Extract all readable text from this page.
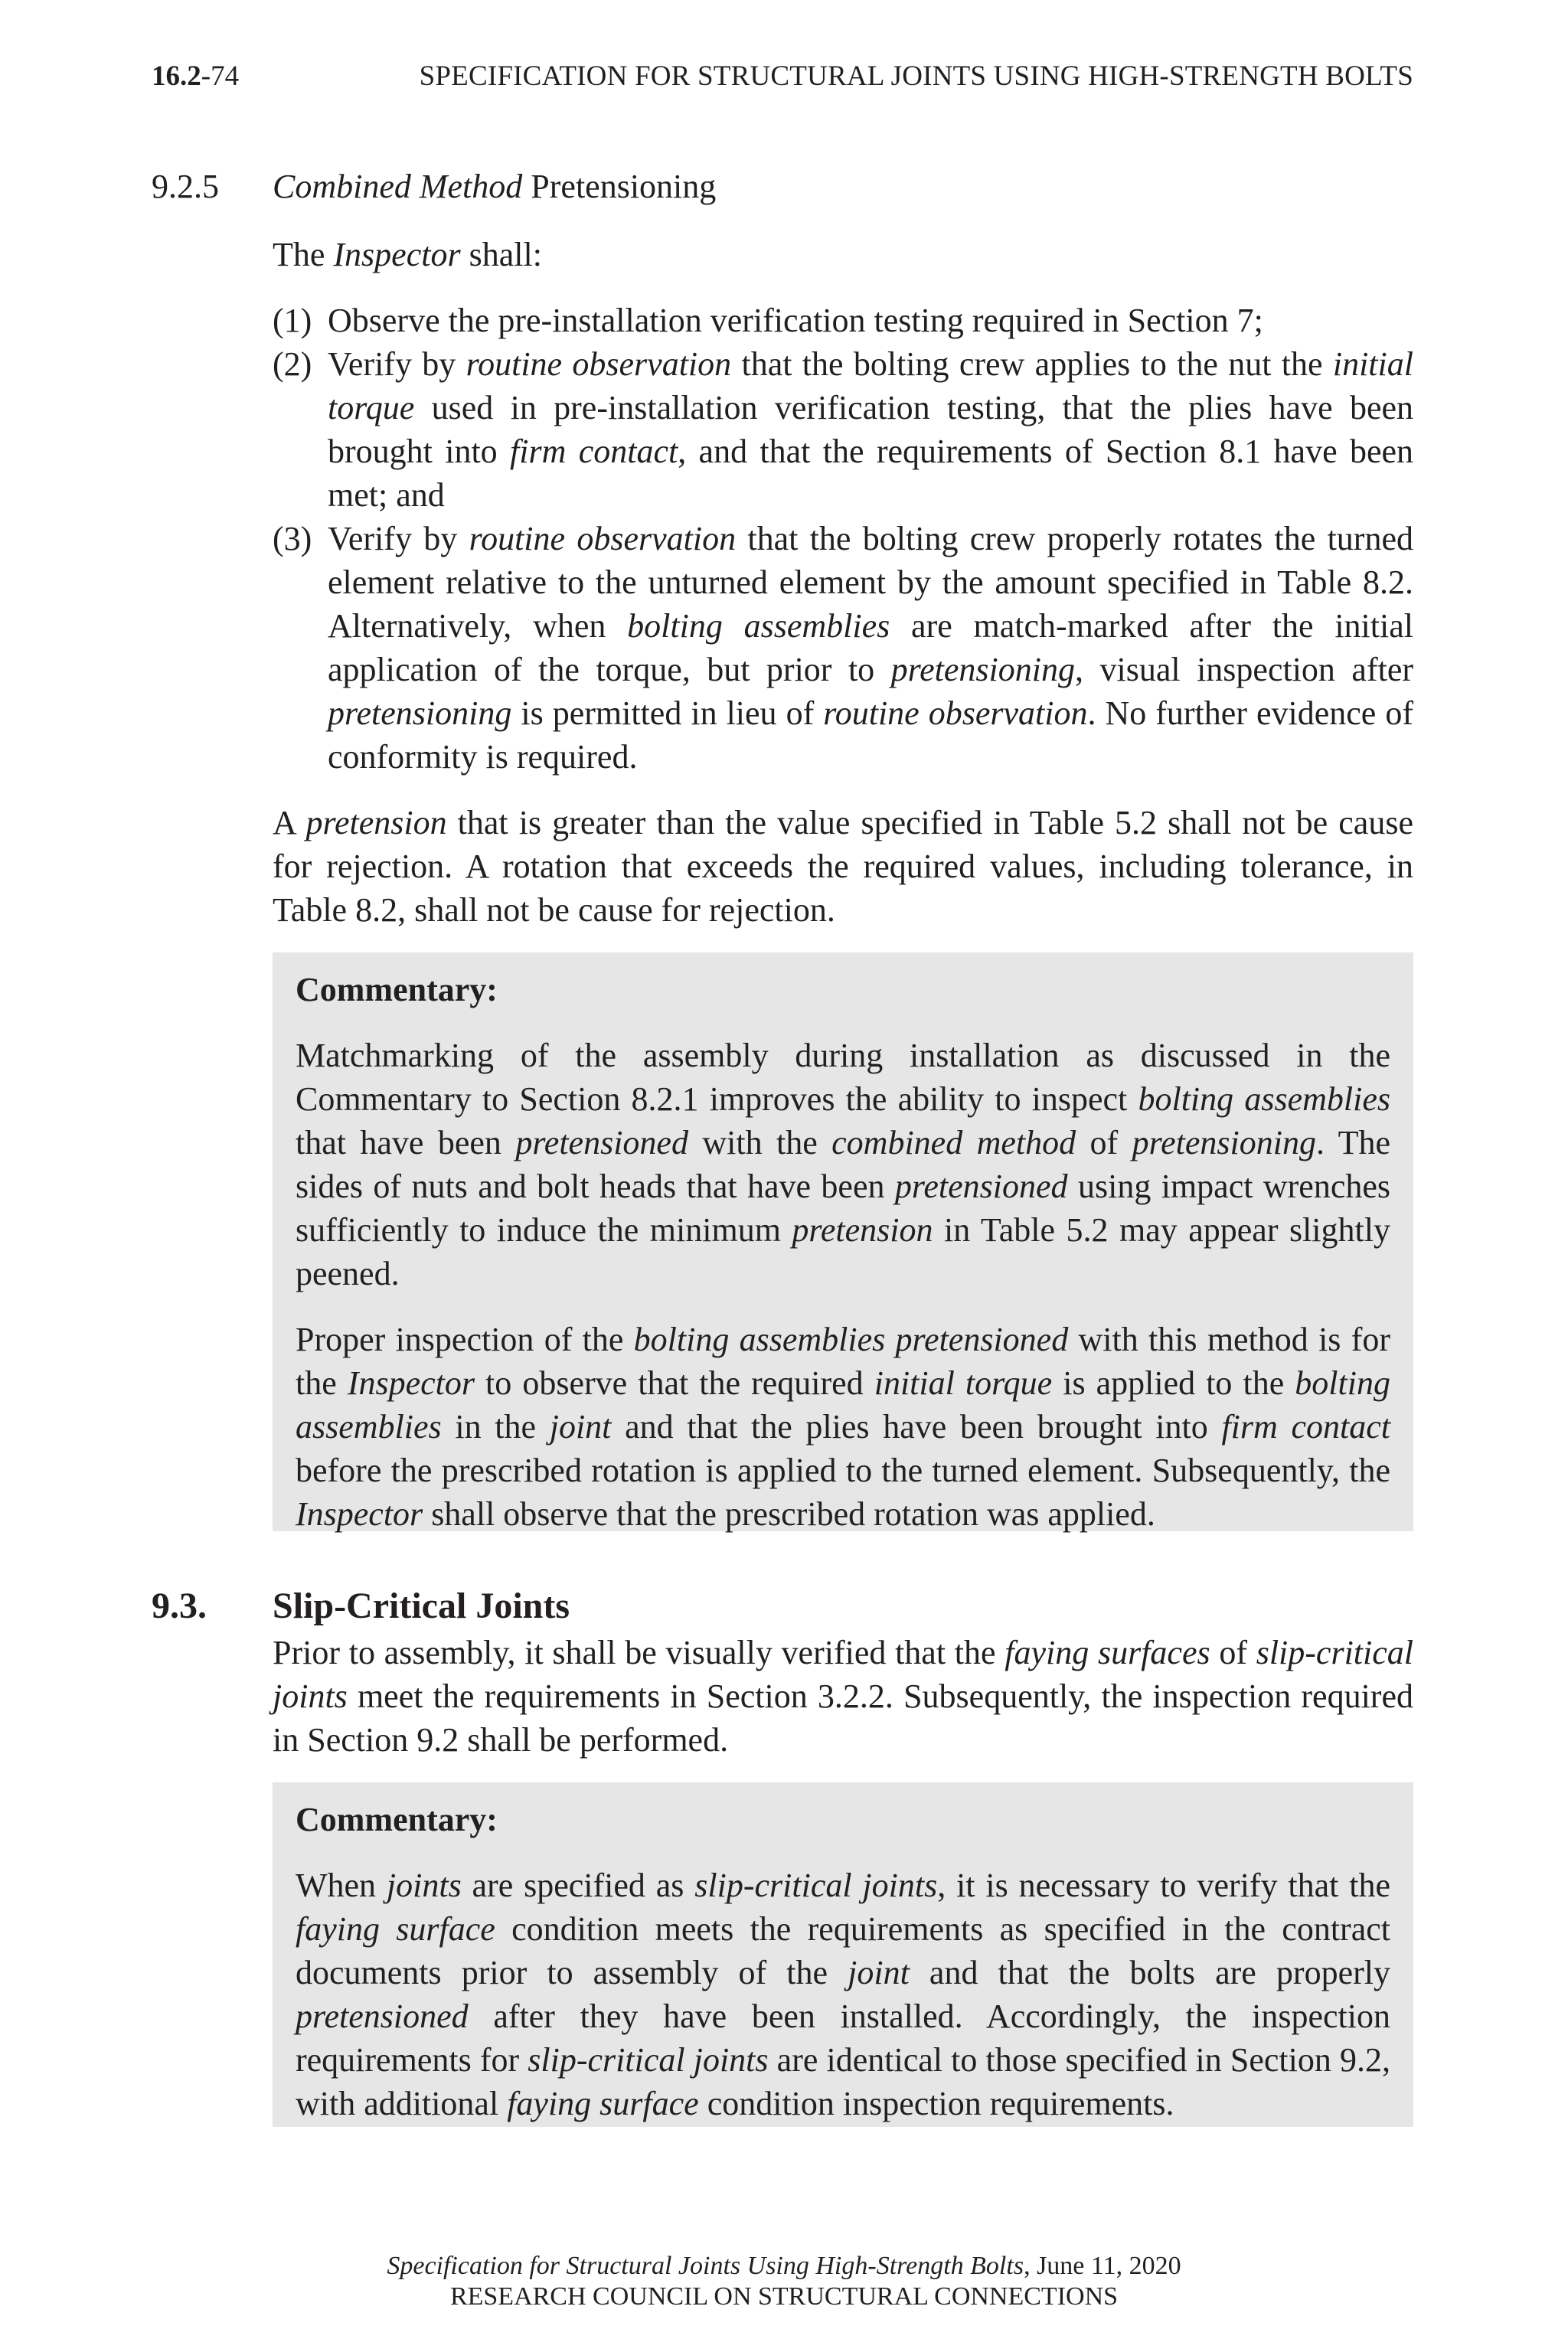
16.2-74	SPECIFICATION FOR STRUCTURAL JOINTS USING HIGH-STRENGTH BOLTS
9.2.5 Combined Method Pretensioning

The Inspector shall:

(1) Observe the pre-installation verification testing required in Section 7;
(2) Verify by routine observation that the bolting crew applies to the nut the initial torque used in pre-installation verification testing, that the plies have been brought into firm contact, and that the requirements of Section 8.1 have been met; and
(3) Verify by routine observation that the bolting crew properly rotates the turned element relative to the unturned element by the amount specified in Table 8.2. Alternatively, when bolting assemblies are match-marked after the initial application of the torque, but prior to pretensioning, visual inspection after pretensioning is permitted in lieu of routine observation. No further evidence of conformity is required.

A pretension that is greater than the value specified in Table 5.2 shall not be cause for rejection. A rotation that exceeds the required values, including tolerance, in Table 8.2, shall not be cause for rejection.

Commentary:

Matchmarking of the assembly during installation as discussed in the Commentary to Section 8.2.1 improves the ability to inspect bolting assemblies that have been pretensioned with the combined method of pretensioning. The sides of nuts and bolt heads that have been pretensioned using impact wrenches sufficiently to induce the minimum pretension in Table 5.2 may appear slightly peened.

Proper inspection of the bolting assemblies pretensioned with this method is for the Inspector to observe that the required initial torque is applied to the bolting assemblies in the joint and that the plies have been brought into firm contact before the prescribed rotation is applied to the turned element. Subsequently, the Inspector shall observe that the prescribed rotation was applied.

9.3. Slip-Critical Joints

Prior to assembly, it shall be visually verified that the faying surfaces of slip-critical joints meet the requirements in Section 3.2.2. Subsequently, the inspection required in Section 9.2 shall be performed.

Commentary:

When joints are specified as slip-critical joints, it is necessary to verify that the faying surface condition meets the requirements as specified in the contract documents prior to assembly of the joint and that the bolts are properly pretensioned after they have been installed. Accordingly, the inspection requirements for slip-critical joints are identical to those specified in Section 9.2, with additional faying surface condition inspection requirements.

Specification for Structural Joints Using High-Strength Bolts, June 11, 2020
RESEARCH COUNCIL ON STRUCTURAL CONNECTIONS
